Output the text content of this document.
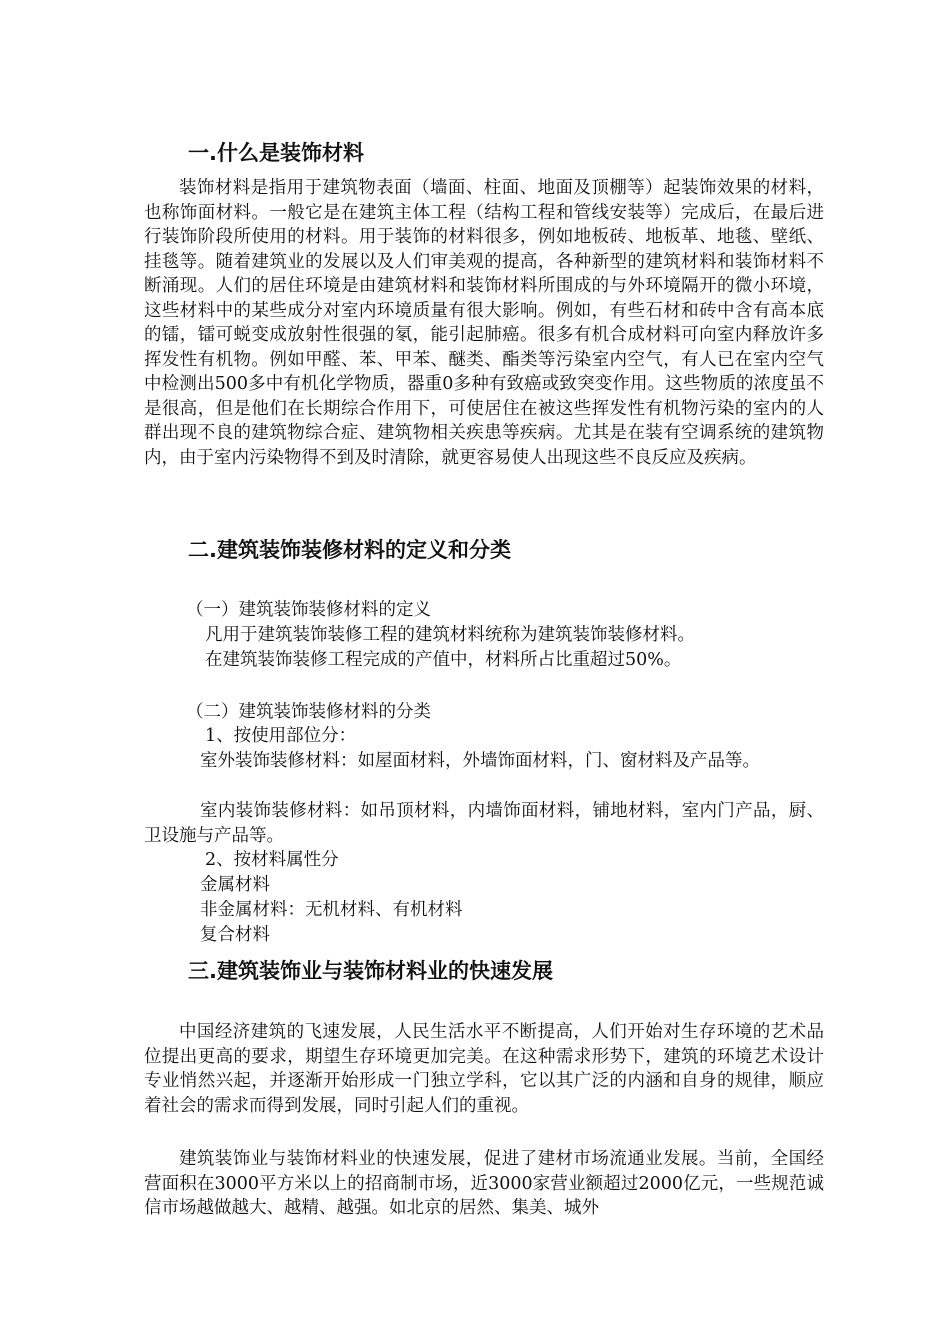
一.什么是装饰材料

装饰材料是指用于建筑物表面（墙面、柱面、地面及顶棚等）起装饰效果的材料，也称饰面材料。一般它是在建筑主体工程（结构工程和管线安装等）完成后，在最后进行装饰阶段所使用的材料。用于装饰的材料很多，例如地板砖、地板革、地毯、壁纸、挂毯等。随着建筑业的发展以及人们审美观的提高，各种新型的建筑材料和装饰材料不断涌现。人们的居住环境是由建筑材料和装饰材料所围成的与外环境隔开的微小环境，这些材料中的某些成分对室内环境质量有很大影响。例如，有些石材和砖中含有高本底的镭，镭可蜕变成放射性很强的氡，能引起肺癌。很多有机合成材料可向室内释放许多挥发性有机物。例如甲醛、苯、甲苯、醚类、酯类等污染室内空气，有人已在室内空气中检测出500多中有机化学物质，器重0多种有致癌或致突变作用。这些物质的浓度虽不是很高，但是他们在长期综合作用下，可使居住在被这些挥发性有机物污染的室内的人群出现不良的建筑物综合症、建筑物相关疾患等疾病。尤其是在装有空调系统的建筑物内，由于室内污染物得不到及时清除，就更容易使人出现这些不良反应及疾病。

二.建筑装饰装修材料的定义和分类

（一）建筑装饰装修材料的定义

凡用于建筑装饰装修工程的建筑材料统称为建筑装饰装修材料。

在建筑装饰装修工程完成的产值中，材料所占比重超过50%。

（二）建筑装饰装修材料的分类

1、按使用部位分：

室外装饰装修材料：如屋面材料，外墙饰面材料，门、窗材料及产品等。

室内装饰装修材料：如吊顶材料，内墙饰面材料，铺地材料，室内门产品，厨、卫设施与产品等。

2、按材料属性分

金属材料

非金属材料：无机材料、有机材料

复合材料

三.建筑装饰业与装饰材料业的快速发展

中国经济建筑的飞速发展，人民生活水平不断提高，人们开始对生存环境的艺术品位提出更高的要求，期望生存环境更加完美。在这种需求形势下，建筑的环境艺术设计专业悄然兴起，并逐渐开始形成一门独立学科，它以其广泛的内涵和自身的规律，顺应着社会的需求而得到发展，同时引起人们的重视。

建筑装饰业与装饰材料业的快速发展，促进了建材市场流通业发展。当前，全国经营面积在3000平方米以上的招商制市场，近3000家营业额超过2000亿元，一些规范诚信市场越做越大、越精、越强。如北京的居然、集美、城外
